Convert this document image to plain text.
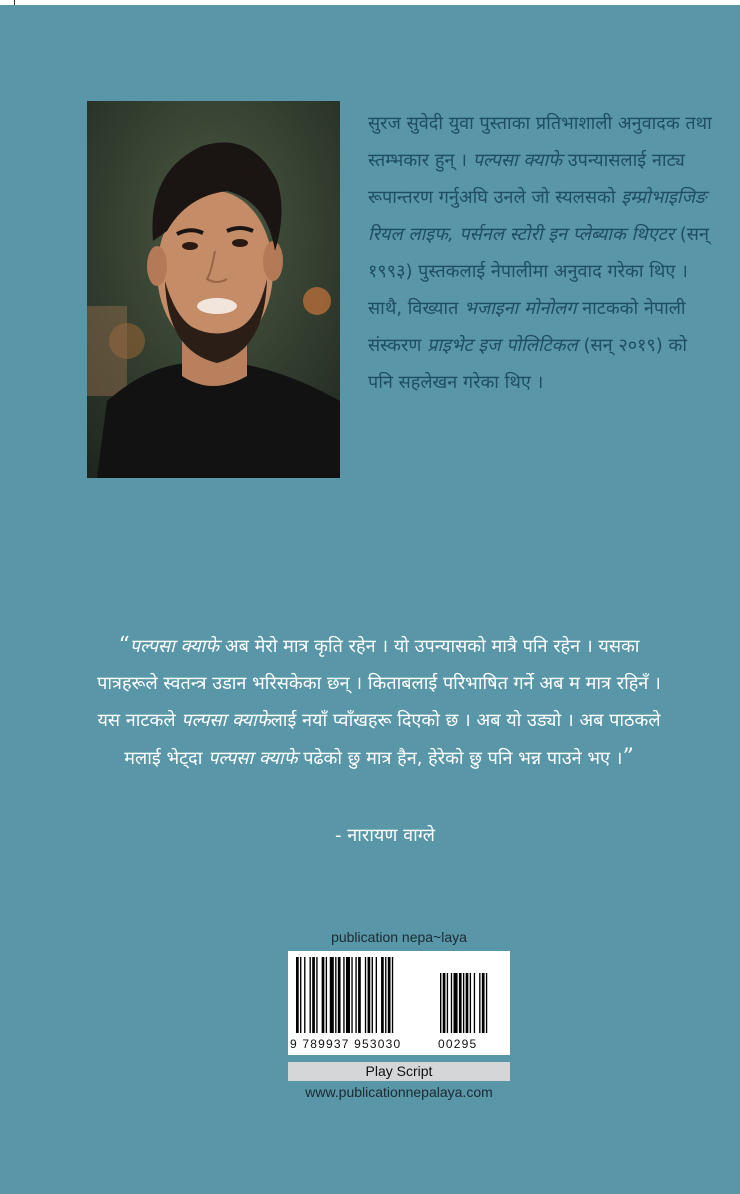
सुरज सुवेदी युवा पुस्ताका प्रतिभाशाली अनुवादक तथा स्तम्भकार हुन् । पल्पसा क्याफे उपन्यासलाई नाट्य रूपान्तरण गर्नुअघि उनले जो स्यलसको इम्प्रोभाइजिङ रियल लाइफ, पर्सनल स्टोरी इन प्लेब्याक थिएटर (सन् १९९३) पुस्तकलाई नेपालीमा अनुवाद गरेका थिए । साथै, विख्यात भजाइना मोनोलग नाटकको नेपाली संस्करण प्राइभेट इज पोलिटिकल (सन् २०१९) को पनि सहलेखन गरेका थिए ।
“पल्पसा क्याफे अब मेरो मात्र कृति रहेन । यो उपन्यासको मात्रै पनि रहेन । यसका पात्रहरूले स्वतन्त्र उडान भरिसकेका छन् । किताबलाई परिभाषित गर्ने अब म मात्र रहिनँ । यस नाटकले पल्पसा क्याफेलाई नयाँ प्वाँखहरू दिएको छ । अब यो उड्यो । अब पाठकले मलाई भेट्दा पल्पसा क्याफे पढेको छु मात्र हैन, हेरेको छु पनि भन्न पाउने भए ।”
- नारायण वाग्ले
publication nepa~laya
9 789937 953030	00295
Play Script
www.publicationnepalaya.com
